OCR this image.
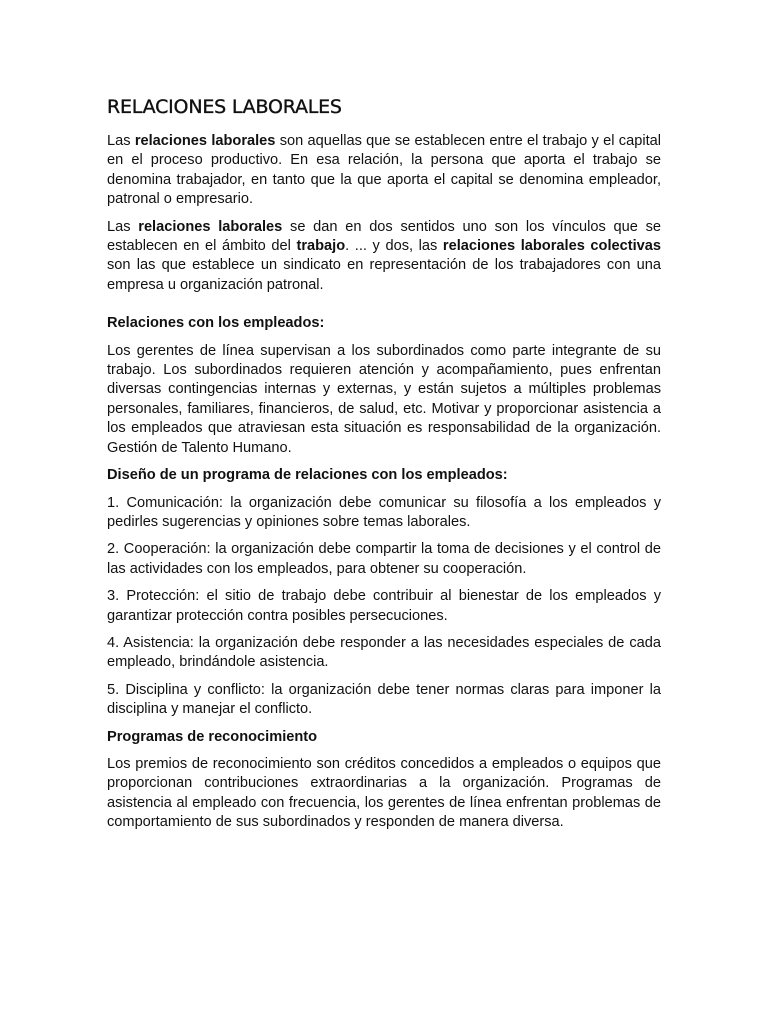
RELACIONES LABORALES

Las relaciones laborales son aquellas que se establecen entre el trabajo y el capital en el proceso productivo. En esa relación, la persona que aporta el trabajo se denomina trabajador, en tanto que la que aporta el capital se denomina empleador, patronal o empresario.

Las relaciones laborales se dan en dos sentidos uno son los vínculos que se establecen en el ámbito del trabajo. ... y dos, las relaciones laborales colectivas son las que establece un sindicato en representación de los trabajadores con una empresa u organización patronal.

Relaciones con los empleados:

Los gerentes de línea supervisan a los subordinados como parte integrante de su trabajo. Los subordinados requieren atención y acompañamiento, pues enfrentan diversas contingencias internas y externas, y están sujetos a múltiples problemas personales, familiares, financieros, de salud, etc. Motivar y proporcionar asistencia a los empleados que atraviesan esta situación es responsabilidad de la organización. Gestión de Talento Humano.

Diseño de un programa de relaciones con los empleados:

1. Comunicación: la organización debe comunicar su filosofía a los empleados y pedirles sugerencias y opiniones sobre temas laborales.

2. Cooperación: la organización debe compartir la toma de decisiones y el control de las actividades con los empleados, para obtener su cooperación.

3. Protección: el sitio de trabajo debe contribuir al bienestar de los empleados y garantizar protección contra posibles persecuciones.

4. Asistencia: la organización debe responder a las necesidades especiales de cada empleado, brindándole asistencia.

5. Disciplina y conflicto: la organización debe tener normas claras para imponer la disciplina y manejar el conflicto.

Programas de reconocimiento

Los premios de reconocimiento son créditos concedidos a empleados o equipos que proporcionan contribuciones extraordinarias a la organización. Programas de asistencia al empleado con frecuencia, los gerentes de línea enfrentan problemas de comportamiento de sus subordinados y responden de manera diversa.
